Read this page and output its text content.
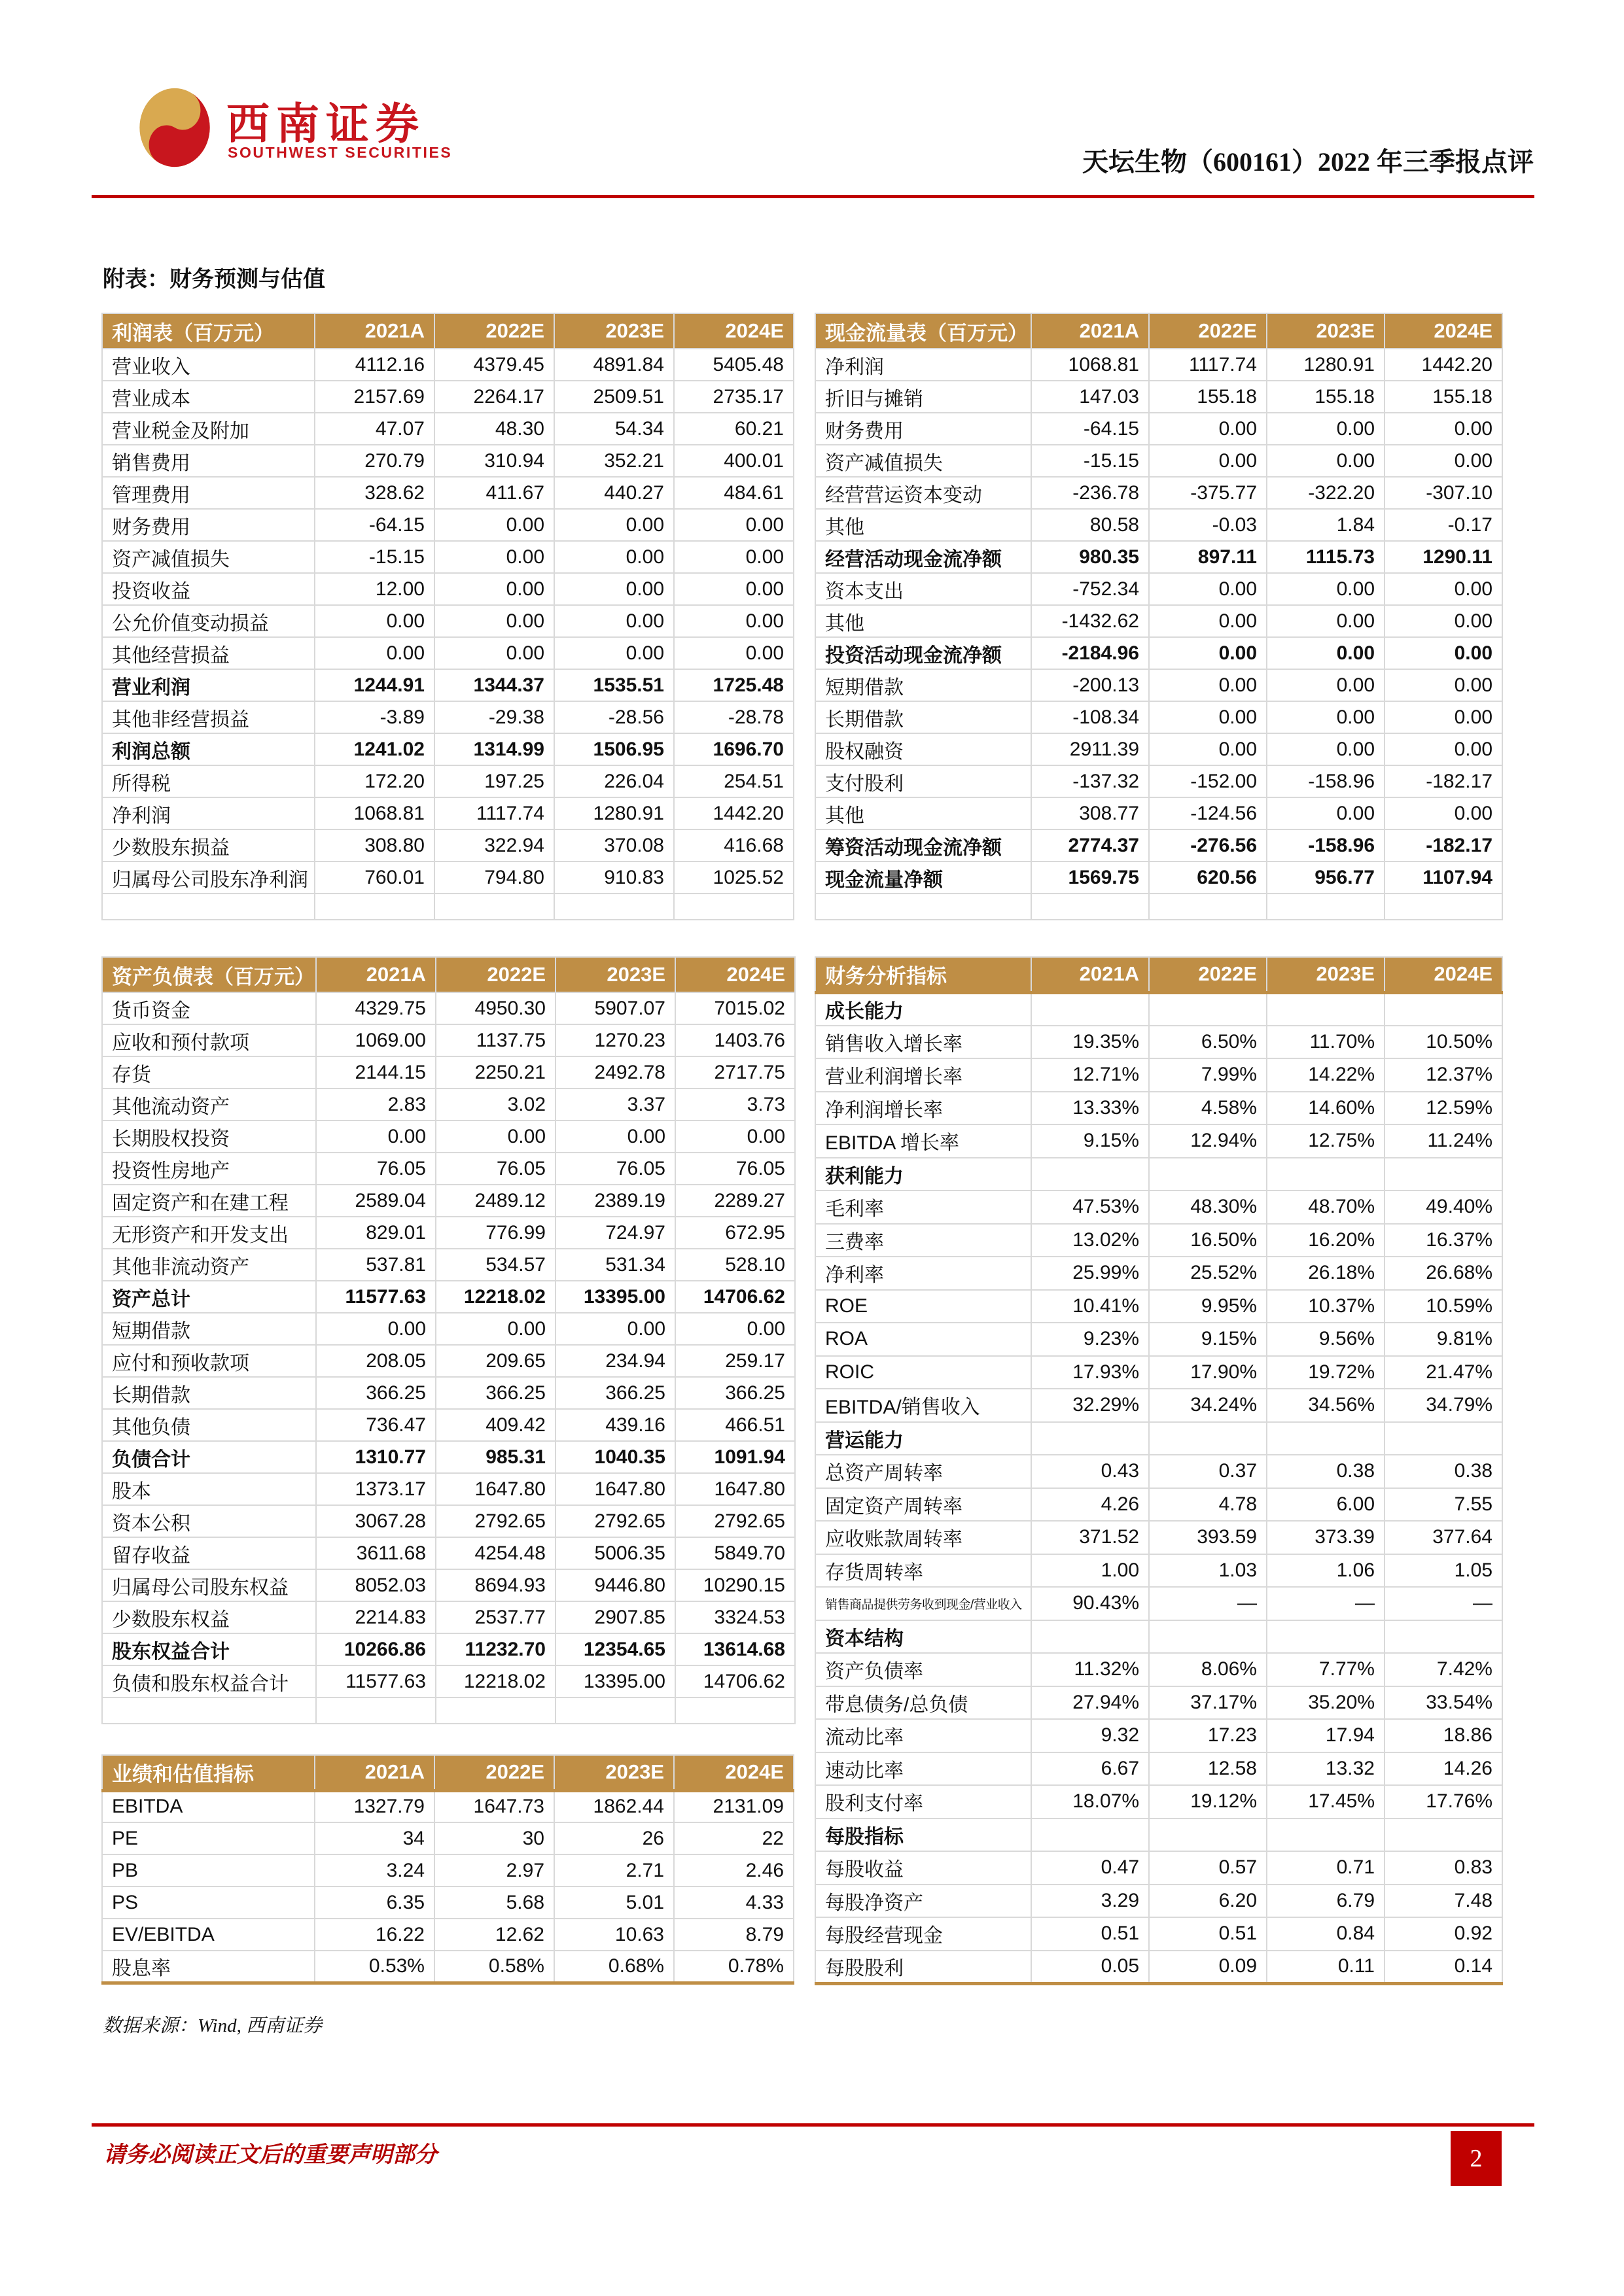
西南证券
SOUTHWEST SECURITIES	天坛生物（600161）2022 年三季报点评
附表：财务预测与估值
利润表（百万元）	2021A	2022E	2023E	2024E
营业收入	4112.16	4379.45	4891.84	5405.48
营业成本	2157.69	2264.17	2509.51	2735.17
营业税金及附加	47.07	48.30	54.34	60.21
销售费用	270.79	310.94	352.21	400.01
管理费用	328.62	411.67	440.27	484.61
财务费用	-64.15	0.00	0.00	0.00
资产减值损失	-15.15	0.00	0.00	0.00
投资收益	12.00	0.00	0.00	0.00
公允价值变动损益	0.00	0.00	0.00	0.00
其他经营损益	0.00	0.00	0.00	0.00
营业利润	1244.91	1344.37	1535.51	1725.48
其他非经营损益	-3.89	-29.38	-28.56	-28.78
利润总额	1241.02	1314.99	1506.95	1696.70
所得税	172.20	197.25	226.04	254.51
净利润	1068.81	1117.74	1280.91	1442.20
少数股东损益	308.80	322.94	370.08	416.68
归属母公司股东净利润	760.01	794.80	910.83	1025.52

现金流量表（百万元）	2021A	2022E	2023E	2024E
净利润	1068.81	1117.74	1280.91	1442.20
折旧与摊销	147.03	155.18	155.18	155.18
财务费用	-64.15	0.00	0.00	0.00
资产减值损失	-15.15	0.00	0.00	0.00
经营营运资本变动	-236.78	-375.77	-322.20	-307.10
其他	80.58	-0.03	1.84	-0.17
经营活动现金流净额	980.35	897.11	1115.73	1290.11
资本支出	-752.34	0.00	0.00	0.00
其他	-1432.62	0.00	0.00	0.00
投资活动现金流净额	-2184.96	0.00	0.00	0.00
短期借款	-200.13	0.00	0.00	0.00
长期借款	-108.34	0.00	0.00	0.00
股权融资	2911.39	0.00	0.00	0.00
支付股利	-137.32	-152.00	-158.96	-182.17
其他	308.77	-124.56	0.00	0.00
筹资活动现金流净额	2774.37	-276.56	-158.96	-182.17
现金流量净额	1569.75	620.56	956.77	1107.94

资产负债表（百万元）	2021A	2022E	2023E	2024E
货币资金	4329.75	4950.30	5907.07	7015.02
应收和预付款项	1069.00	1137.75	1270.23	1403.76
存货	2144.15	2250.21	2492.78	2717.75
其他流动资产	2.83	3.02	3.37	3.73
长期股权投资	0.00	0.00	0.00	0.00
投资性房地产	76.05	76.05	76.05	76.05
固定资产和在建工程	2589.04	2489.12	2389.19	2289.27
无形资产和开发支出	829.01	776.99	724.97	672.95
其他非流动资产	537.81	534.57	531.34	528.10
资产总计	11577.63	12218.02	13395.00	14706.62
短期借款	0.00	0.00	0.00	0.00
应付和预收款项	208.05	209.65	234.94	259.17
长期借款	366.25	366.25	366.25	366.25
其他负债	736.47	409.42	439.16	466.51
负债合计	1310.77	985.31	1040.35	1091.94
股本	1373.17	1647.80	1647.80	1647.80
资本公积	3067.28	2792.65	2792.65	2792.65
留存收益	3611.68	4254.48	5006.35	5849.70
归属母公司股东权益	8052.03	8694.93	9446.80	10290.15
少数股东权益	2214.83	2537.77	2907.85	3324.53
股东权益合计	10266.86	11232.70	12354.65	13614.68
负债和股东权益合计	11577.63	12218.02	13395.00	14706.62

财务分析指标	2021A	2022E	2023E	2024E
成长能力				
销售收入增长率	19.35%	6.50%	11.70%	10.50%
营业利润增长率	12.71%	7.99%	14.22%	12.37%
净利润增长率	13.33%	4.58%	14.60%	12.59%
EBITDA 增长率	9.15%	12.94%	12.75%	11.24%
获利能力				
毛利率	47.53%	48.30%	48.70%	49.40%
三费率	13.02%	16.50%	16.20%	16.37%
净利率	25.99%	25.52%	26.18%	26.68%
ROE	10.41%	9.95%	10.37%	10.59%
ROA	9.23%	9.15%	9.56%	9.81%
ROIC	17.93%	17.90%	19.72%	21.47%
EBITDA/销售收入	32.29%	34.24%	34.56%	34.79%
营运能力				
总资产周转率	0.43	0.37	0.38	0.38
固定资产周转率	4.26	4.78	6.00	7.55
应收账款周转率	371.52	393.59	373.39	377.64
存货周转率	1.00	1.03	1.06	1.05
销售商品提供劳务收到现金/营业收入	90.43%	—	—	—
资本结构				
资产负债率	11.32%	8.06%	7.77%	7.42%
带息债务/总负债	27.94%	37.17%	35.20%	33.54%
流动比率	9.32	17.23	17.94	18.86
速动比率	6.67	12.58	13.32	14.26
股利支付率	18.07%	19.12%	17.45%	17.76%
每股指标				
每股收益	0.47	0.57	0.71	0.83
每股净资产	3.29	6.20	6.79	7.48
每股经营现金	0.51	0.51	0.84	0.92
每股股利	0.05	0.09	0.11	0.14
业绩和估值指标	2021A	2022E	2023E	2024E
EBITDA	1327.79	1647.73	1862.44	2131.09
PE	34	30	26	22
PB	3.24	2.97	2.71	2.46
PS	6.35	5.68	5.01	4.33
EV/EBITDA	16.22	12.62	10.63	8.79
股息率	0.53%	0.58%	0.68%	0.78%
数据来源：Wind, 西南证券
请务必阅读正文后的重要声明部分	2
